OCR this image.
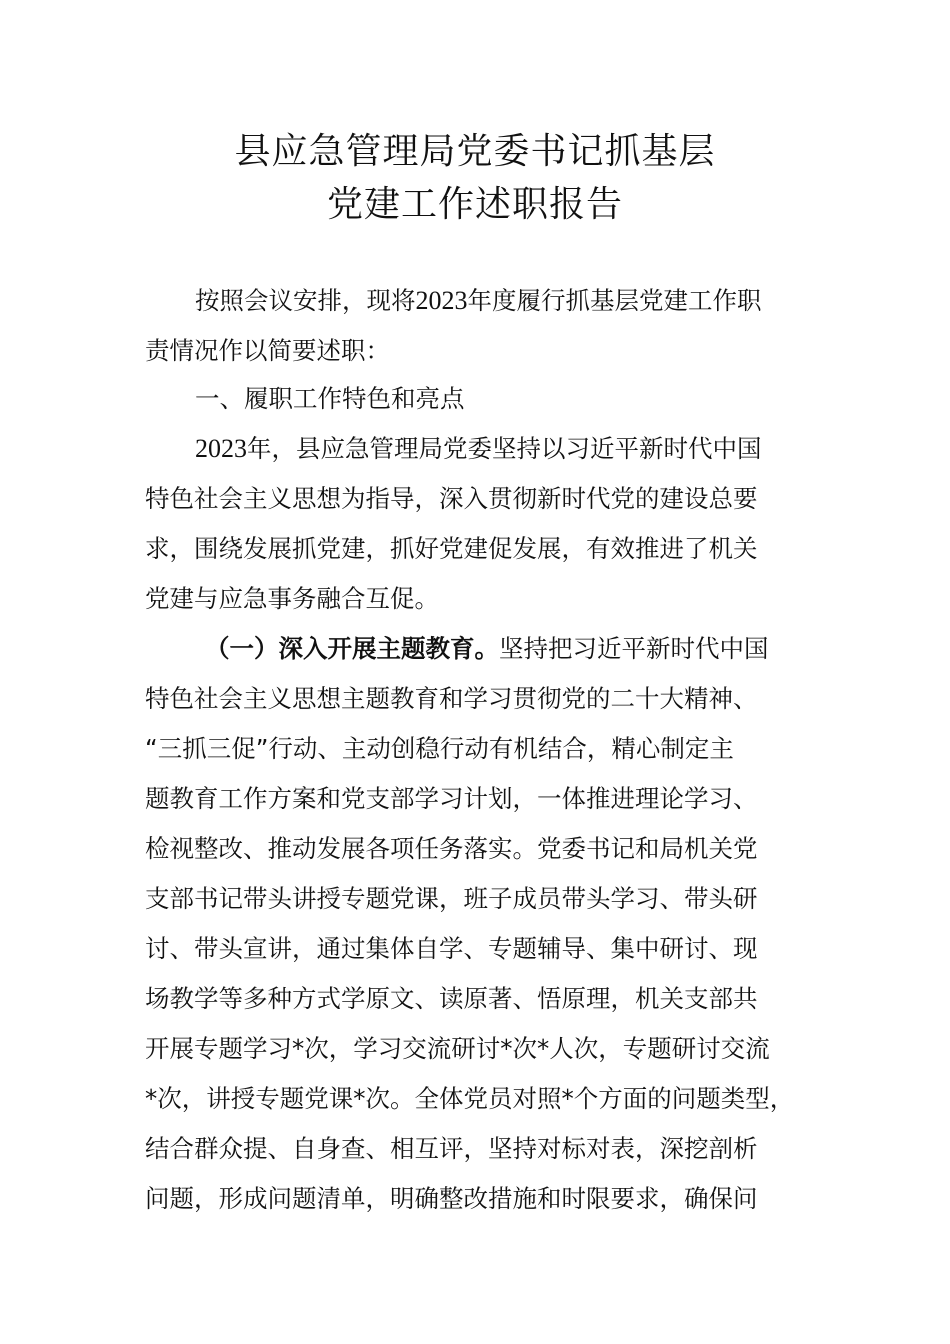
县应急管理局党委书记抓基层
党建工作述职报告
按照会议安排，现将2023年度履行抓基层党建工作职
责情况作以简要述职：
一、履职工作特色和亮点
2023年，县应急管理局党委坚持以习近平新时代中国
特色社会主义思想为指导，深入贯彻新时代党的建设总要
求，围绕发展抓党建，抓好党建促发展，有效推进了机关
党建与应急事务融合互促。
（一）深入开展主题教育。坚持把习近平新时代中国
特色社会主义思想主题教育和学习贯彻党的二十大精神、
“三抓三促”行动、主动创稳行动有机结合，精心制定主
题教育工作方案和党支部学习计划，一体推进理论学习、
检视整改、推动发展各项任务落实。党委书记和局机关党
支部书记带头讲授专题党课，班子成员带头学习、带头研
讨、带头宣讲，通过集体自学、专题辅导、集中研讨、现
场教学等多种方式学原文、读原著、悟原理，机关支部共
开展专题学习*次，学习交流研讨*次*人次，专题研讨交流
*次，讲授专题党课*次。全体党员对照*个方面的问题类型，
结合群众提、自身查、相互评，坚持对标对表，深挖剖析
问题，形成问题清单，明确整改措施和时限要求，确保问
